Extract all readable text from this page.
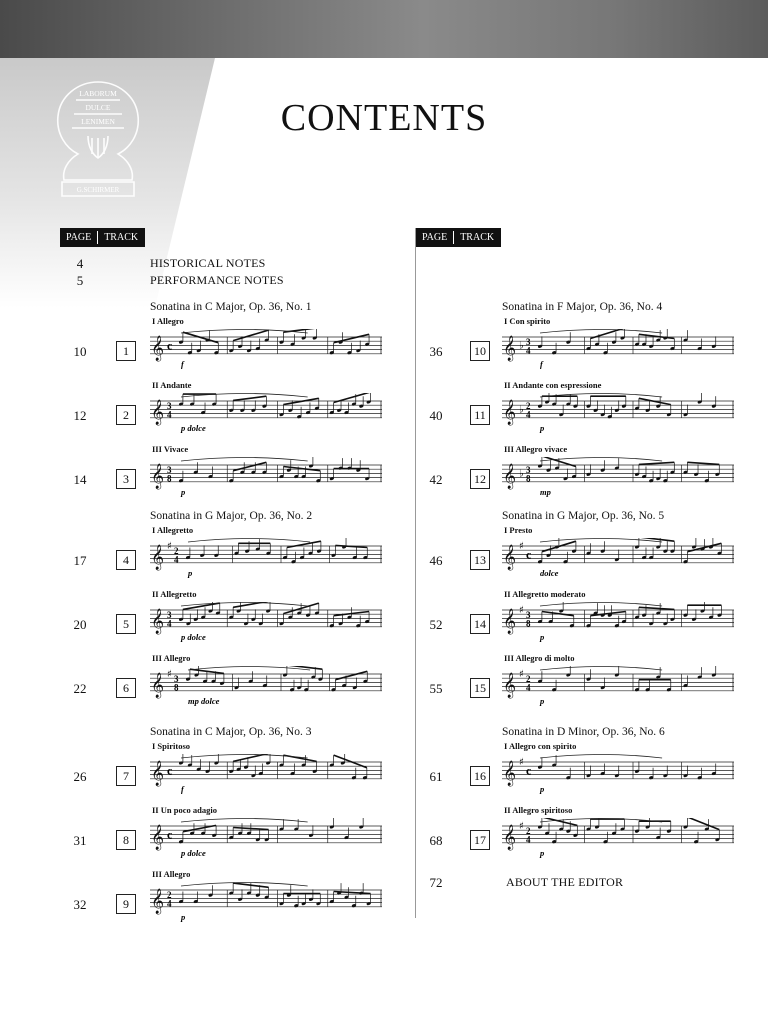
LABORUM
DULCE
LENIMEN
G.SCHIRMER
CONTENTS
PAGE	TRACK
4	HISTORICAL NOTES
5	PERFORMANCE NOTES
Sonatina in C Major, Op. 36, No. 1
I Allegro
10	1	𝄞 c
f
II Andante
12	2	𝄞 3
4
p dolce
III Vivace
14	3	𝄞 3
8
p
Sonatina in G Major, Op. 36, No. 2
I Allegretto
17	4	𝄞 ♯ 2
4
p
II Allegretto
20	5	𝄞 3
4
p dolce
III Allegro
22	6	𝄞 ♯ 3
8
mp dolce
Sonatina in C Major, Op. 36, No. 3
I Spiritoso
26	7	𝄞 c
f
II Un poco adagio
31	8	𝄞 c
p dolce
III Allegro
32	9	𝄞 2
4
p
PAGE	TRACK
Sonatina in F Major, Op. 36, No. 4
I Con spirito
36	10 𝄞 ♭ 3
4
f
II Andante con espressione
40	11 𝄞 ♭ 2
4
p
III Allegro vivace
42	12 𝄞 ♭ 3
8
mp
Sonatina in G Major, Op. 36, No. 5
I Presto
46	13 𝄞 ♯
c
dolce
II Allegretto moderato
52	14 𝄞 ♯ 3
8
p
III Allegro di molto
55	15 𝄞 ♯ 2
4
p
Sonatina in D Minor, Op. 36, No. 6
I Allegro con spirito
61	16 𝄞 ♯
c
p
II Allegro spiritoso
68	17 𝄞 ♯ 2
4
p
72	ABOUT THE EDITOR
